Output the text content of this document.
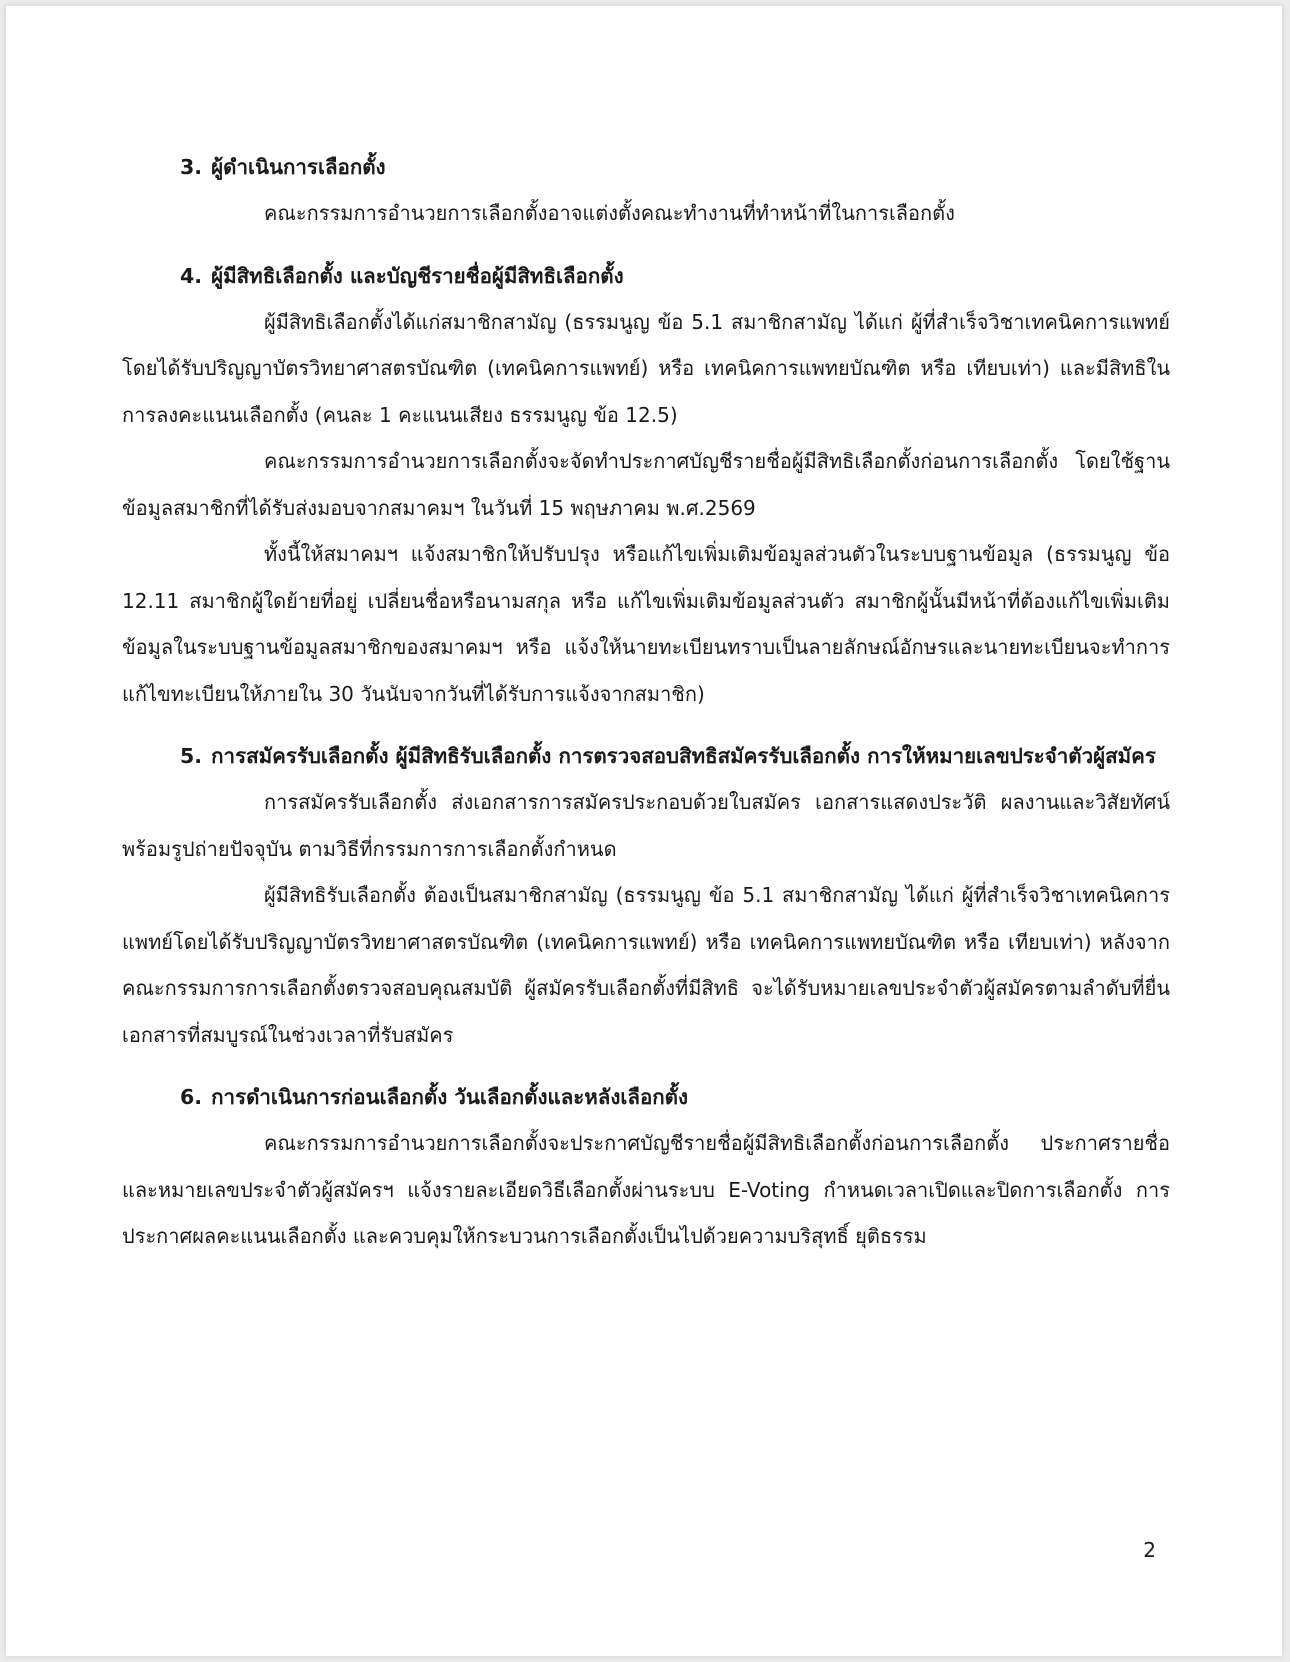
3. ผู้ดำเนินการเลือกตั้ง

คณะกรรมการอำนวยการเลือกตั้งอาจแต่งตั้งคณะทำงานที่ทำหน้าที่ในการเลือกตั้ง

4. ผู้มีสิทธิเลือกตั้ง และบัญชีรายชื่อผู้มีสิทธิเลือกตั้ง

ผู้มีสิทธิเลือกตั้งได้แก่สมาชิกสามัญ (ธรรมนูญ ข้อ 5.1 สมาชิกสามัญ ได้แก่ ผู้ที่สำเร็จวิชาเทคนิคการแพทย์โดยได้รับปริญญาบัตรวิทยาศาสตรบัณฑิต (เทคนิคการแพทย์) หรือ เทคนิคการแพทยบัณฑิต หรือ เทียบเท่า) และมีสิทธิในการลงคะแนนเลือกตั้ง (คนละ 1 คะแนนเสียง ธรรมนูญ ข้อ 12.5)

คณะกรรมการอำนวยการเลือกตั้งจะจัดทำประกาศบัญชีรายชื่อผู้มีสิทธิเลือกตั้งก่อนการเลือกตั้ง โดยใช้ฐานข้อมูลสมาชิกที่ได้รับส่งมอบจากสมาคมฯ ในวันที่ 15 พฤษภาคม พ.ศ.2569

ทั้งนี้ให้สมาคมฯ แจ้งสมาชิกให้ปรับปรุง หรือแก้ไขเพิ่มเติมข้อมูลส่วนตัวในระบบฐานข้อมูล (ธรรมนูญ ข้อ 12.11 สมาชิกผู้ใดย้ายที่อยู่ เปลี่ยนชื่อหรือนามสกุล หรือ แก้ไขเพิ่มเติมข้อมูลส่วนตัว สมาชิกผู้นั้นมีหน้าที่ต้องแก้ไขเพิ่มเติมข้อมูลในระบบฐานข้อมูลสมาชิกของสมาคมฯ หรือ แจ้งให้นายทะเบียนทราบเป็นลายลักษณ์อักษรและนายทะเบียนจะทำการแก้ไขทะเบียนให้ภายใน 30 วันนับจากวันที่ได้รับการแจ้งจากสมาชิก)

5. การสมัครรับเลือกตั้ง ผู้มีสิทธิรับเลือกตั้ง การตรวจสอบสิทธิสมัครรับเลือกตั้ง การให้หมายเลขประจำตัวผู้สมัคร

การสมัครรับเลือกตั้ง ส่งเอกสารการสมัครประกอบด้วยใบสมัคร เอกสารแสดงประวัติ ผลงานและวิสัยทัศน์ พร้อมรูปถ่ายปัจจุบัน ตามวิธีที่กรรมการการเลือกตั้งกำหนด

ผู้มีสิทธิรับเลือกตั้ง ต้องเป็นสมาชิกสามัญ (ธรรมนูญ ข้อ 5.1 สมาชิกสามัญ ได้แก่ ผู้ที่สำเร็จวิชาเทคนิคการแพทย์โดยได้รับปริญญาบัตรวิทยาศาสตรบัณฑิต (เทคนิคการแพทย์) หรือ เทคนิคการแพทยบัณฑิต หรือ เทียบเท่า) หลังจากคณะกรรมการการเลือกตั้งตรวจสอบคุณสมบัติ ผู้สมัครรับเลือกตั้งที่มีสิทธิ จะได้รับหมายเลขประจำตัวผู้สมัครตามลำดับที่ยื่นเอกสารที่สมบูรณ์ในช่วงเวลาที่รับสมัคร

6. การดำเนินการก่อนเลือกตั้ง วันเลือกตั้งและหลังเลือกตั้ง

คณะกรรมการอำนวยการเลือกตั้งจะประกาศบัญชีรายชื่อผู้มีสิทธิเลือกตั้งก่อนการเลือกตั้ง ประกาศรายชื่อและหมายเลขประจำตัวผู้สมัครฯ แจ้งรายละเอียดวิธีเลือกตั้งผ่านระบบ E-Voting กำหนดเวลาเปิดและปิดการเลือกตั้ง การประกาศผลคะแนนเลือกตั้ง และควบคุมให้กระบวนการเลือกตั้งเป็นไปด้วยความบริสุทธิ์ ยุติธรรม

2
